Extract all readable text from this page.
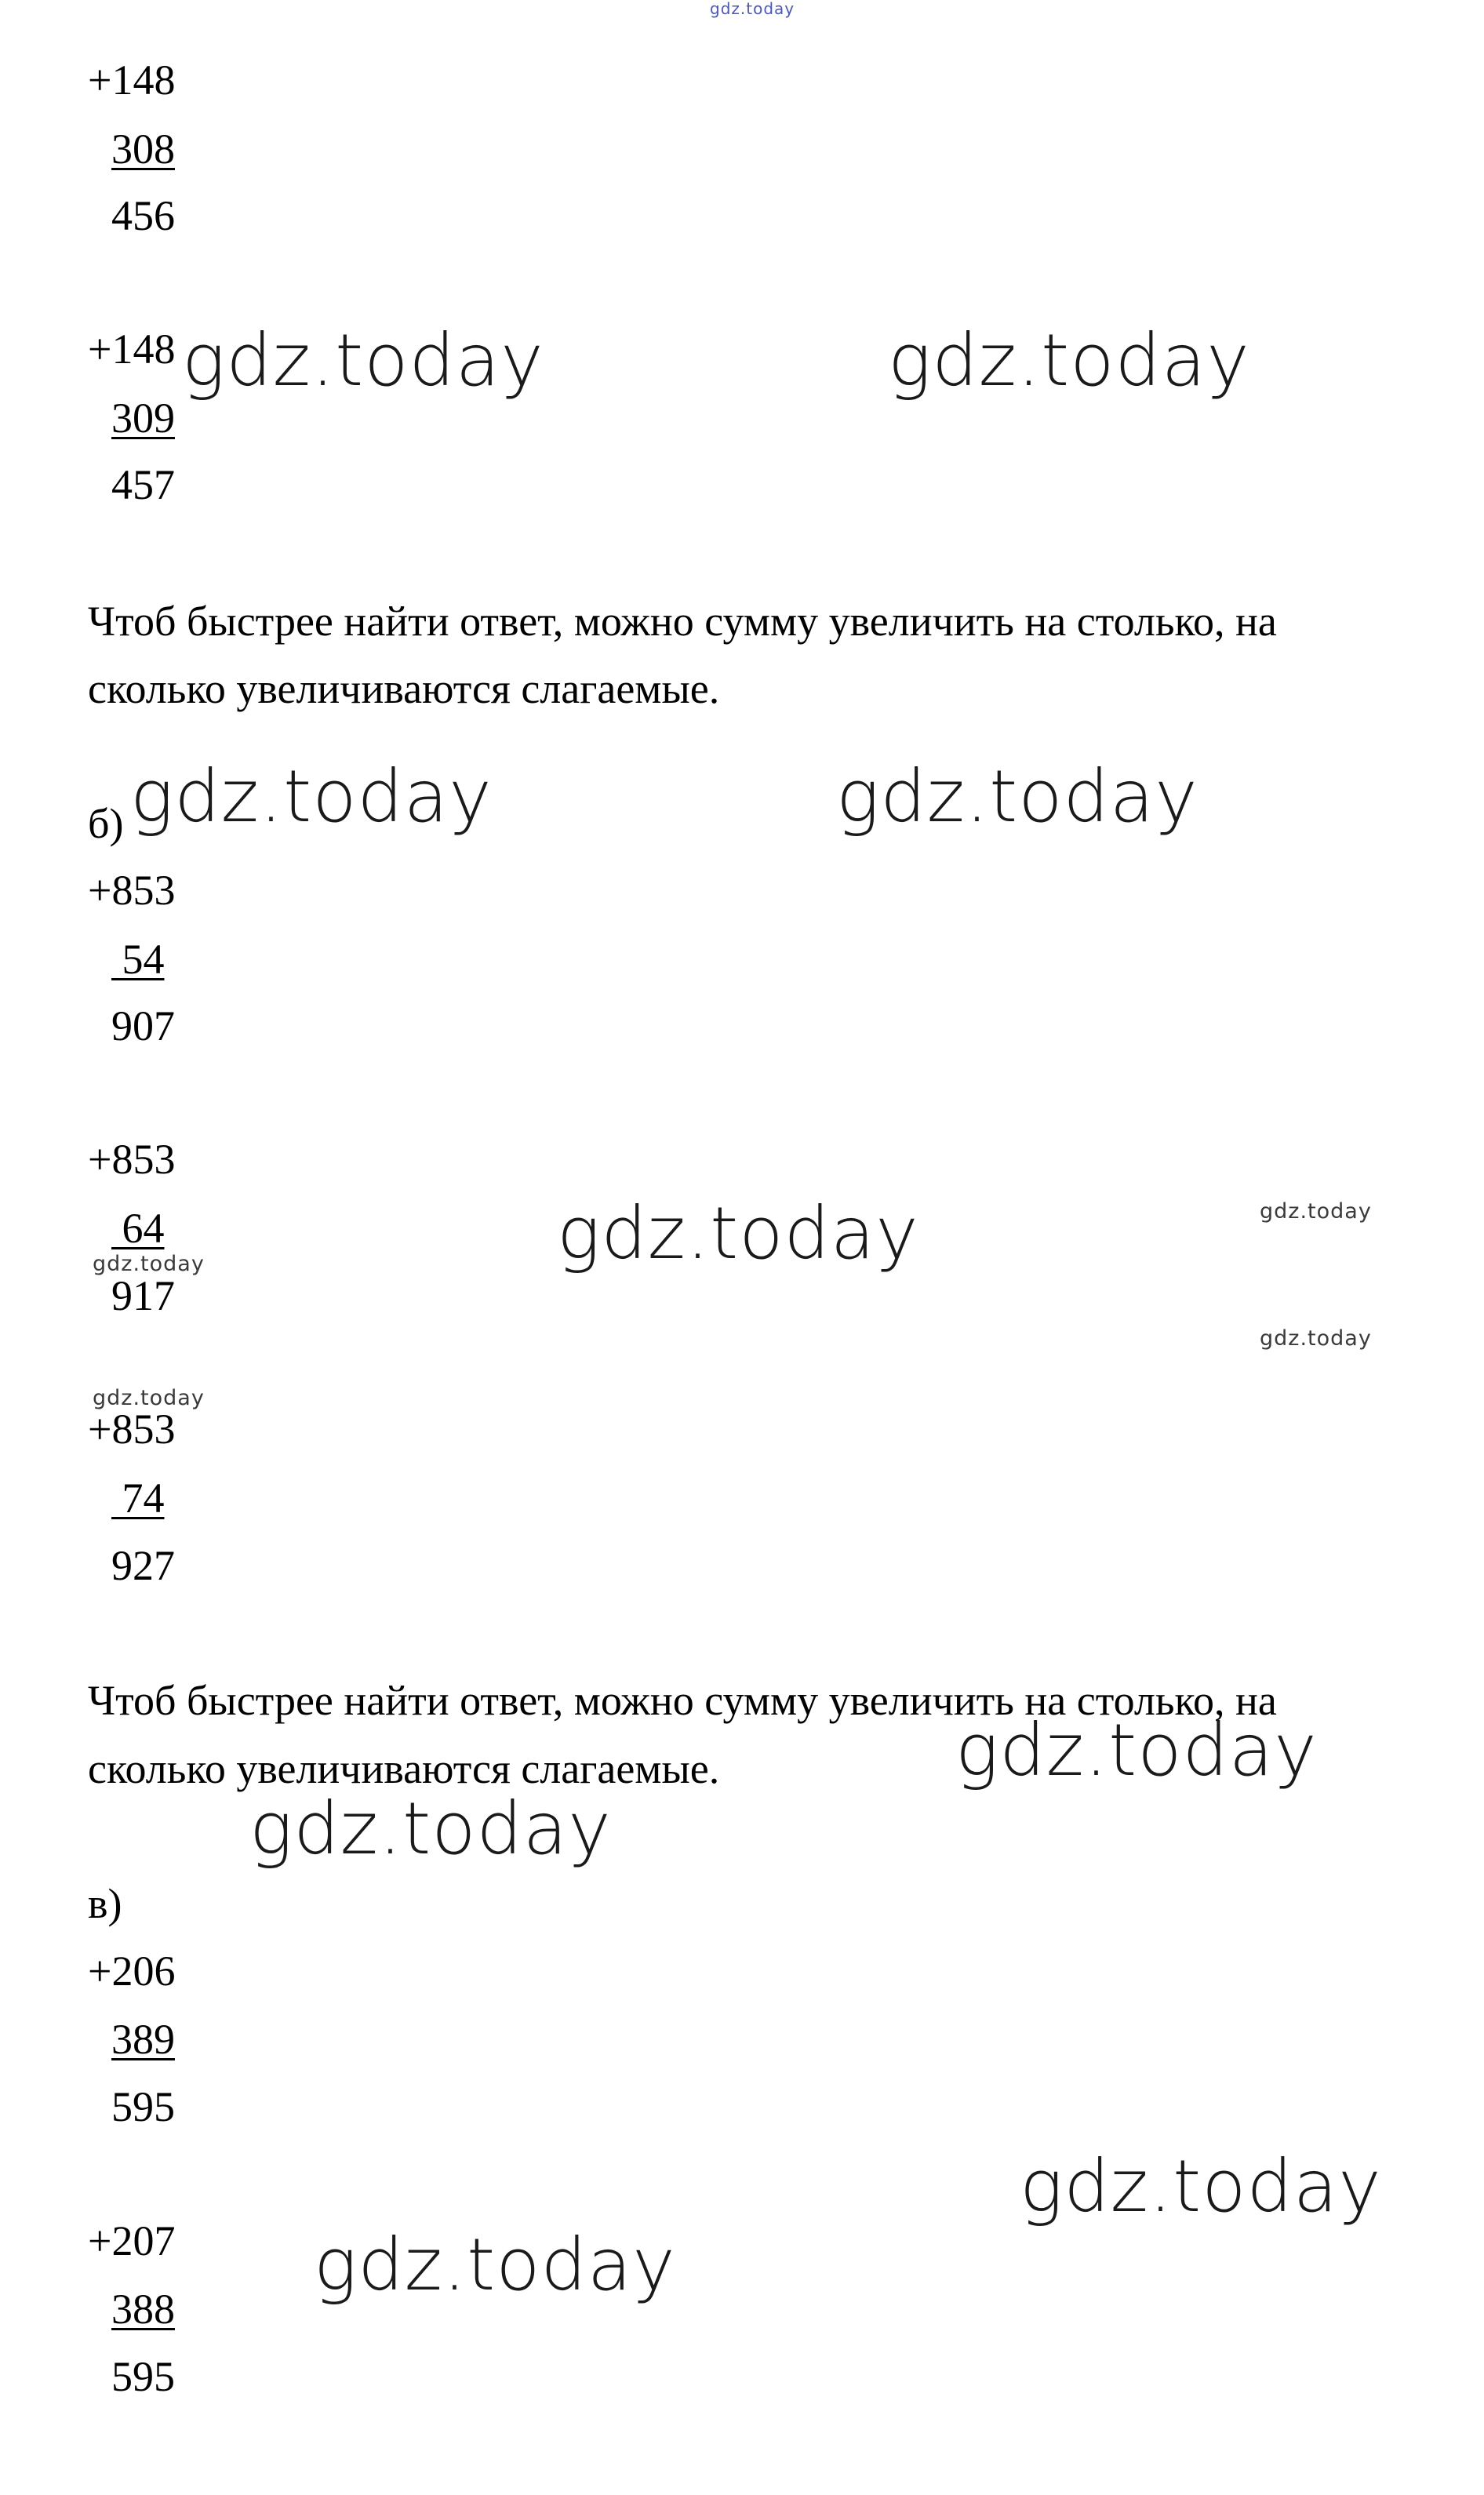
gdz.today
+148
308
456
+148
309
457
Чтоб быстрее найти ответ, можно сумму увеличить на столько, на
сколько увеличиваются слагаемые.
б)
+853
54
907
+853
64
917
+853
74
927
Чтоб быстрее найти ответ, можно сумму увеличить на столько, на
сколько увеличиваются слагаемые.
в)
+206
389
595
+207
388
595
gdz.today	gdz.today
gdz.today	gdz.today
gdz.today	gdz.today
gdz.today
gdz.today
gdz.today
gdz.today
gdz.today
gdz.today
gdz.today
